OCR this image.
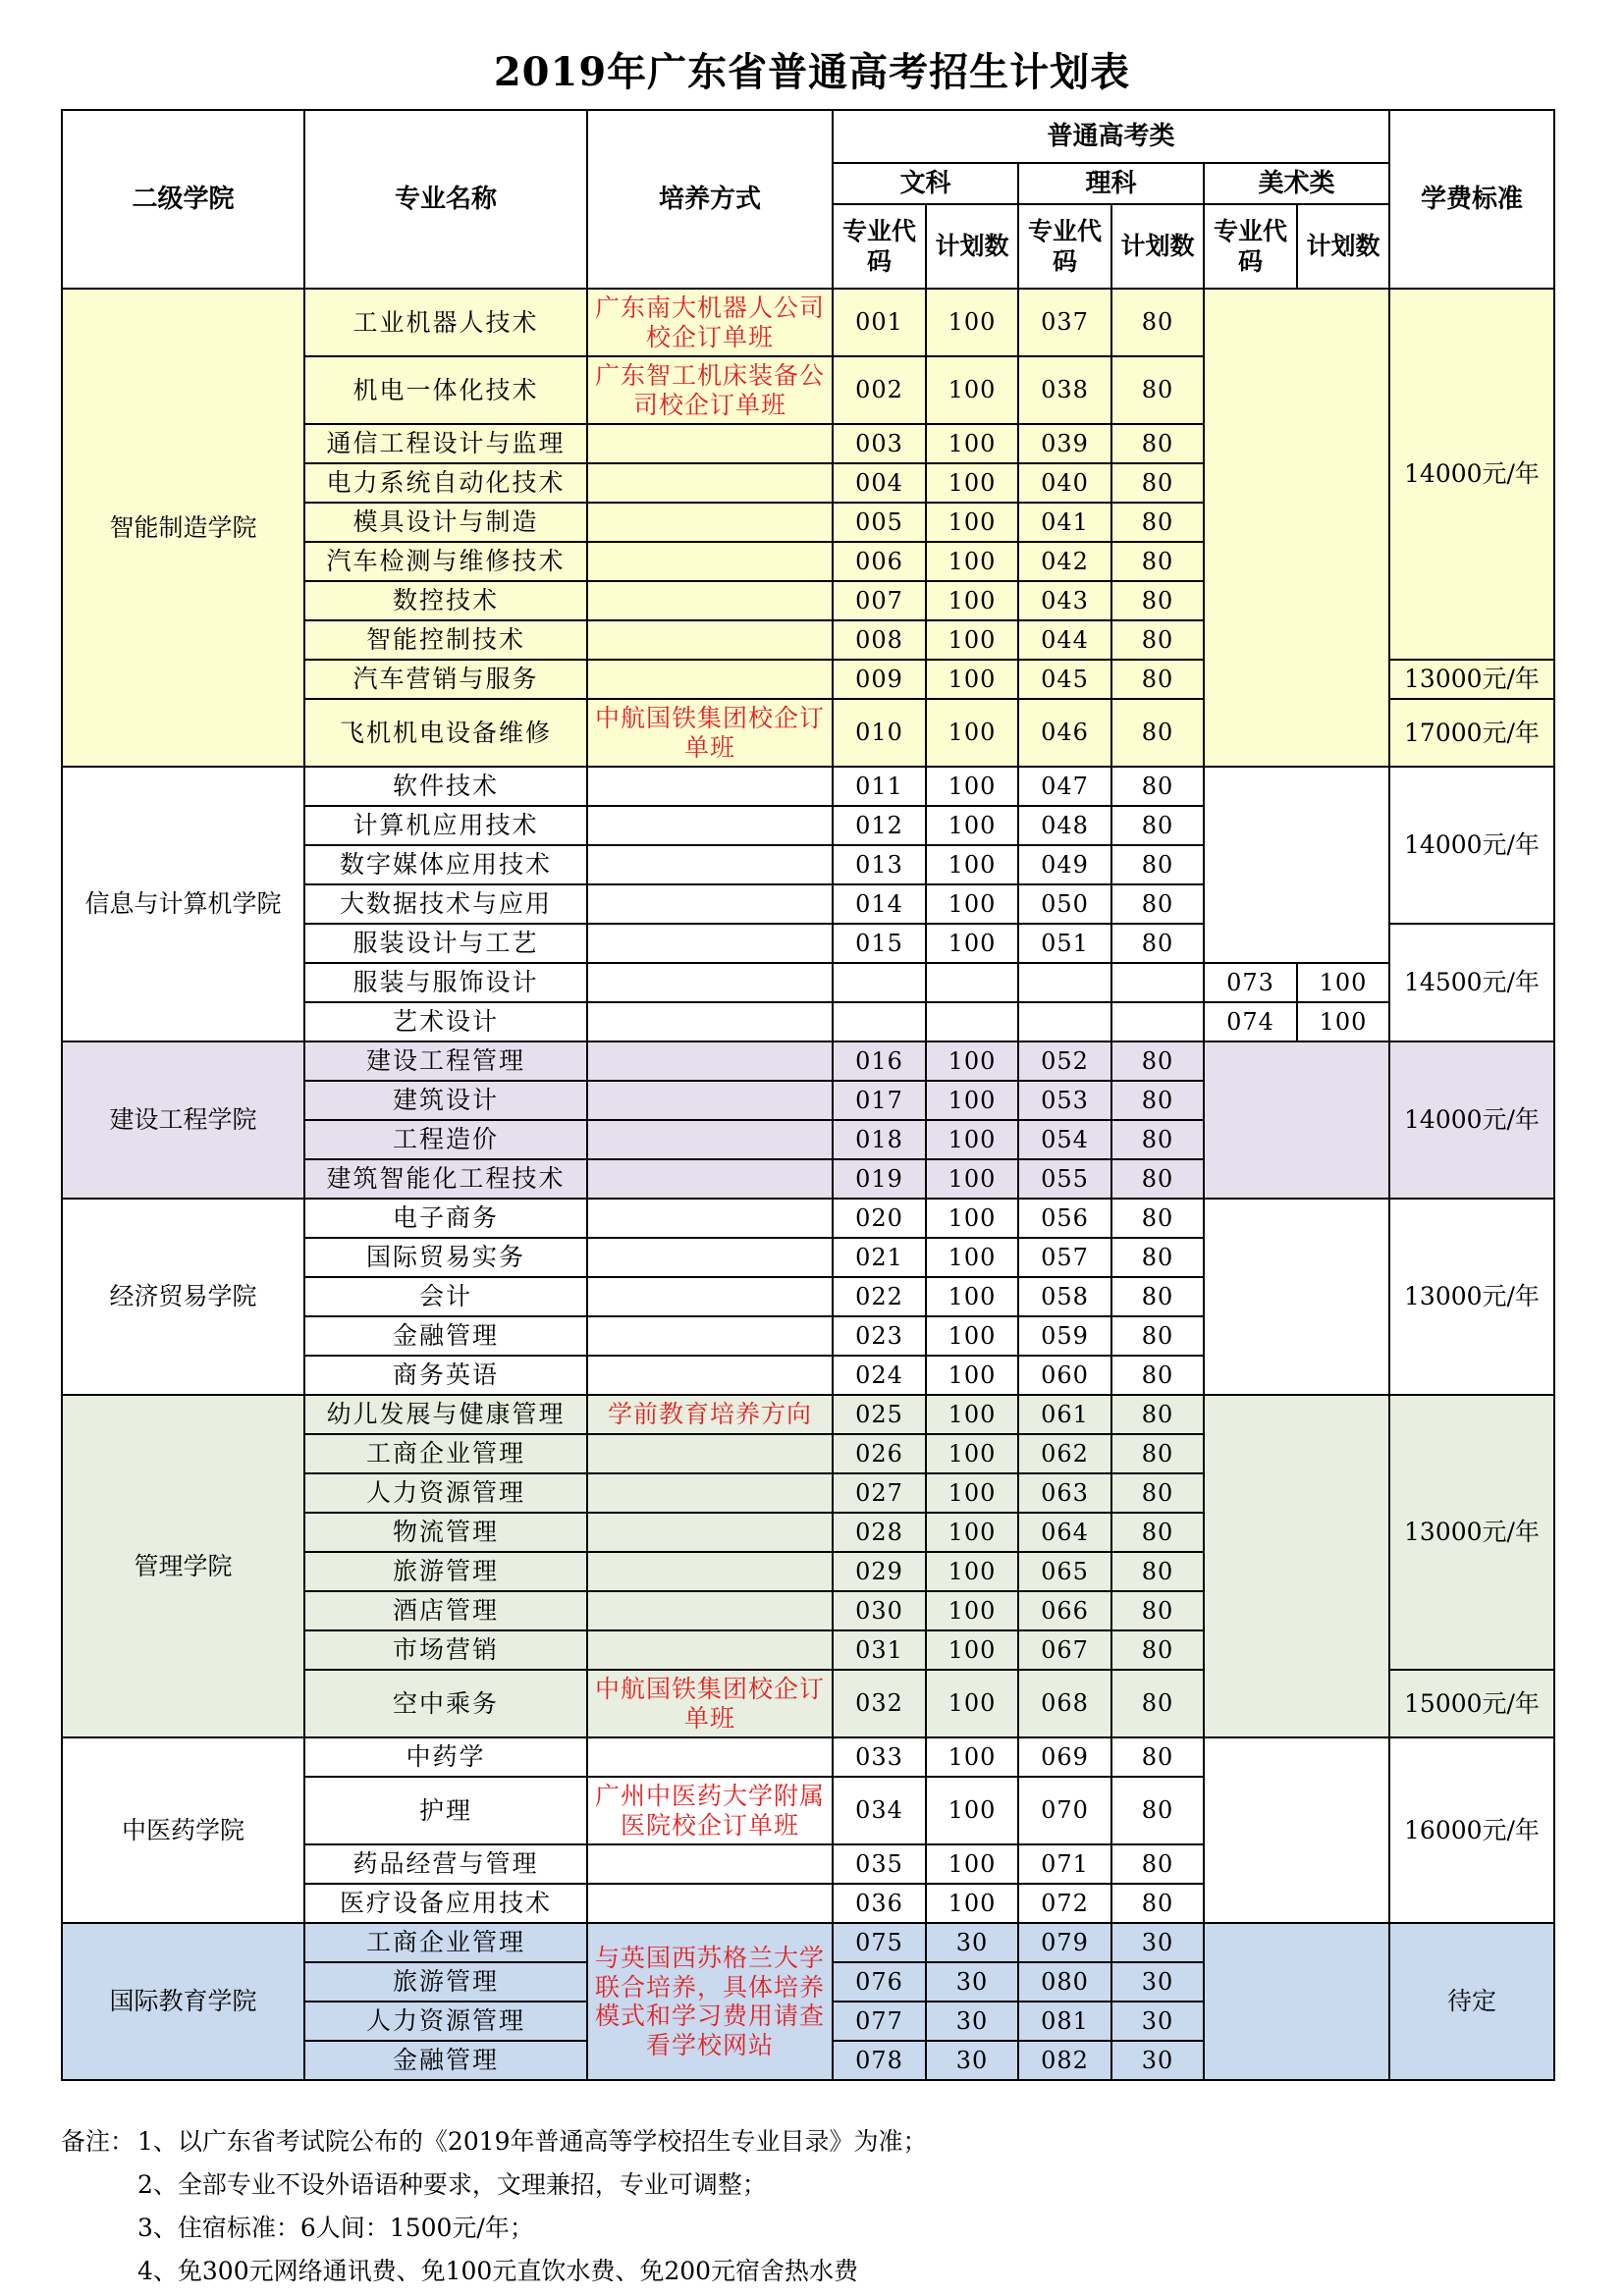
2019年广东省普通高考招生计划表
二级学院	专业名称	培养方式	普通高考类						学费标准
			文科		理科		美术类		
			专业代码	计划数	专业代码	计划数	专业代码	计划数	
智能制造学院	工业机器人技术	广东南大机器人公司校企订单班	001	100	037	80			14000元/年
	机电一体化技术	广东智工机床装备公司校企订单班	002	100	038	80			
	通信工程设计与监理		003	100	039	80			
	电力系统自动化技术		004	100	040	80			
	模具设计与制造		005	100	041	80			
	汽车检测与维修技术		006	100	042	80			
	数控技术		007	100	043	80			
	智能控制技术		008	100	044	80			
	汽车营销与服务		009	100	045	80			13000元/年
	飞机机电设备维修	中航国铁集团校企订单班	010	100	046	80			17000元/年
信息与计算机学院	软件技术		011	100	047	80			14000元/年
	计算机应用技术		012	100	048	80			
	数字媒体应用技术		013	100	049	80			
	大数据技术与应用		014	100	050	80			
	服装设计与工艺		015	100	051	80			14500元/年
	服装与服饰设计						073	100	
	艺术设计						074	100	
建设工程学院	建设工程管理		016	100	052	80			14000元/年
	建筑设计		017	100	053	80			
	工程造价		018	100	054	80			
	建筑智能化工程技术		019	100	055	80			
经济贸易学院	电子商务		020	100	056	80			13000元/年
	国际贸易实务		021	100	057	80			
	会计		022	100	058	80			
	金融管理		023	100	059	80			
	商务英语		024	100	060	80			
管理学院	幼儿发展与健康管理	学前教育培养方向	025	100	061	80			13000元/年
	工商企业管理		026	100	062	80			
	人力资源管理		027	100	063	80			
	物流管理		028	100	064	80			
	旅游管理		029	100	065	80			
	酒店管理		030	100	066	80			
	市场营销		031	100	067	80			
	空中乘务	中航国铁集团校企订单班	032	100	068	80			15000元/年
中医药学院	中药学		033	100	069	80			16000元/年
	护理	广州中医药大学附属医院校企订单班	034	100	070	80			
	药品经营与管理		035	100	071	80			
	医疗设备应用技术		036	100	072	80			
国际教育学院	工商企业管理	与英国西苏格兰大学联合培养，具体培养模式和学习费用请查看学校网站	075	30	079	30			待定
	旅游管理		076	30	080	30			
	人力资源管理		077	30	081	30			
	金融管理		078	30	082	30			
备注： 1、以广东省考试院公布的《2019年普通高等学校招生专业目录》为准；
2、全部专业不设外语语种要求，文理兼招，专业可调整；
3、住宿标准：6人间：1500元/年；
4、免300元网络通讯费、免100元直饮水费、免200元宿舍热水费
